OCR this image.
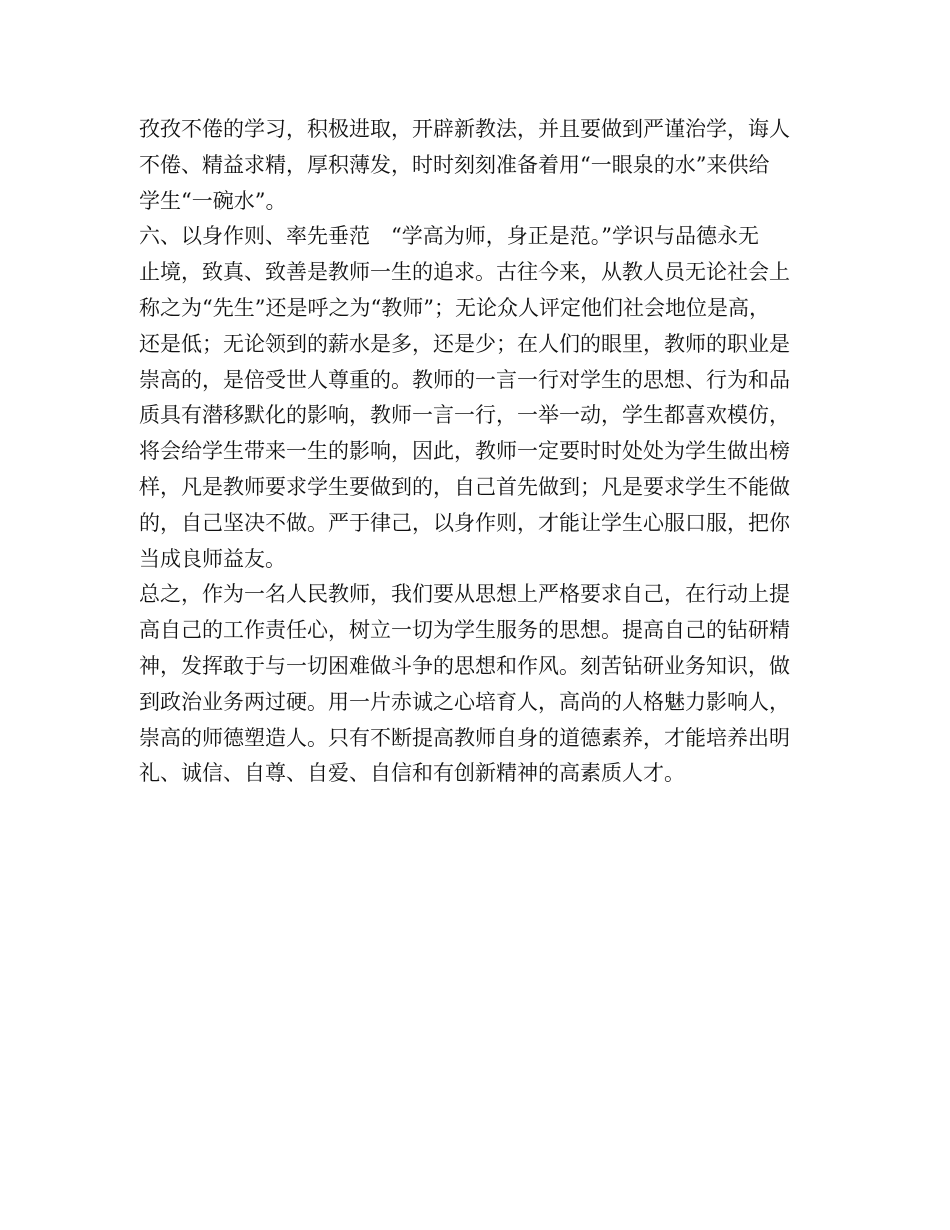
孜孜不倦的学习，积极进取，开辟新教法，并且要做到严谨治学，诲人
不倦、精益求精，厚积薄发，时时刻刻准备着用“一眼泉的水”来供给
学生“一碗水”。
六、以身作则、率先垂范　“学高为师，身正是范。”学识与品德永无
止境，致真、致善是教师一生的追求。古往今来，从教人员无论社会上
称之为“先生”还是呼之为“教师”；无论众人评定他们社会地位是高，
还是低；无论领到的薪水是多，还是少；在人们的眼里，教师的职业是
崇高的，是倍受世人尊重的。教师的一言一行对学生的思想、行为和品
质具有潜移默化的影响，教师一言一行，一举一动，学生都喜欢模仿，
将会给学生带来一生的影响，因此，教师一定要时时处处为学生做出榜
样，凡是教师要求学生要做到的，自己首先做到；凡是要求学生不能做
的，自己坚决不做。严于律己，以身作则，才能让学生心服口服，把你
当成良师益友。
总之，作为一名人民教师，我们要从思想上严格要求自己，在行动上提
高自己的工作责任心，树立一切为学生服务的思想。提高自己的钻研精
神，发挥敢于与一切困难做斗争的思想和作风。刻苦钻研业务知识，做
到政治业务两过硬。用一片赤诚之心培育人，高尚的人格魅力影响人，
崇高的师德塑造人。只有不断提高教师自身的道德素养，才能培养出明
礼、诚信、自尊、自爱、自信和有创新精神的高素质人才。
